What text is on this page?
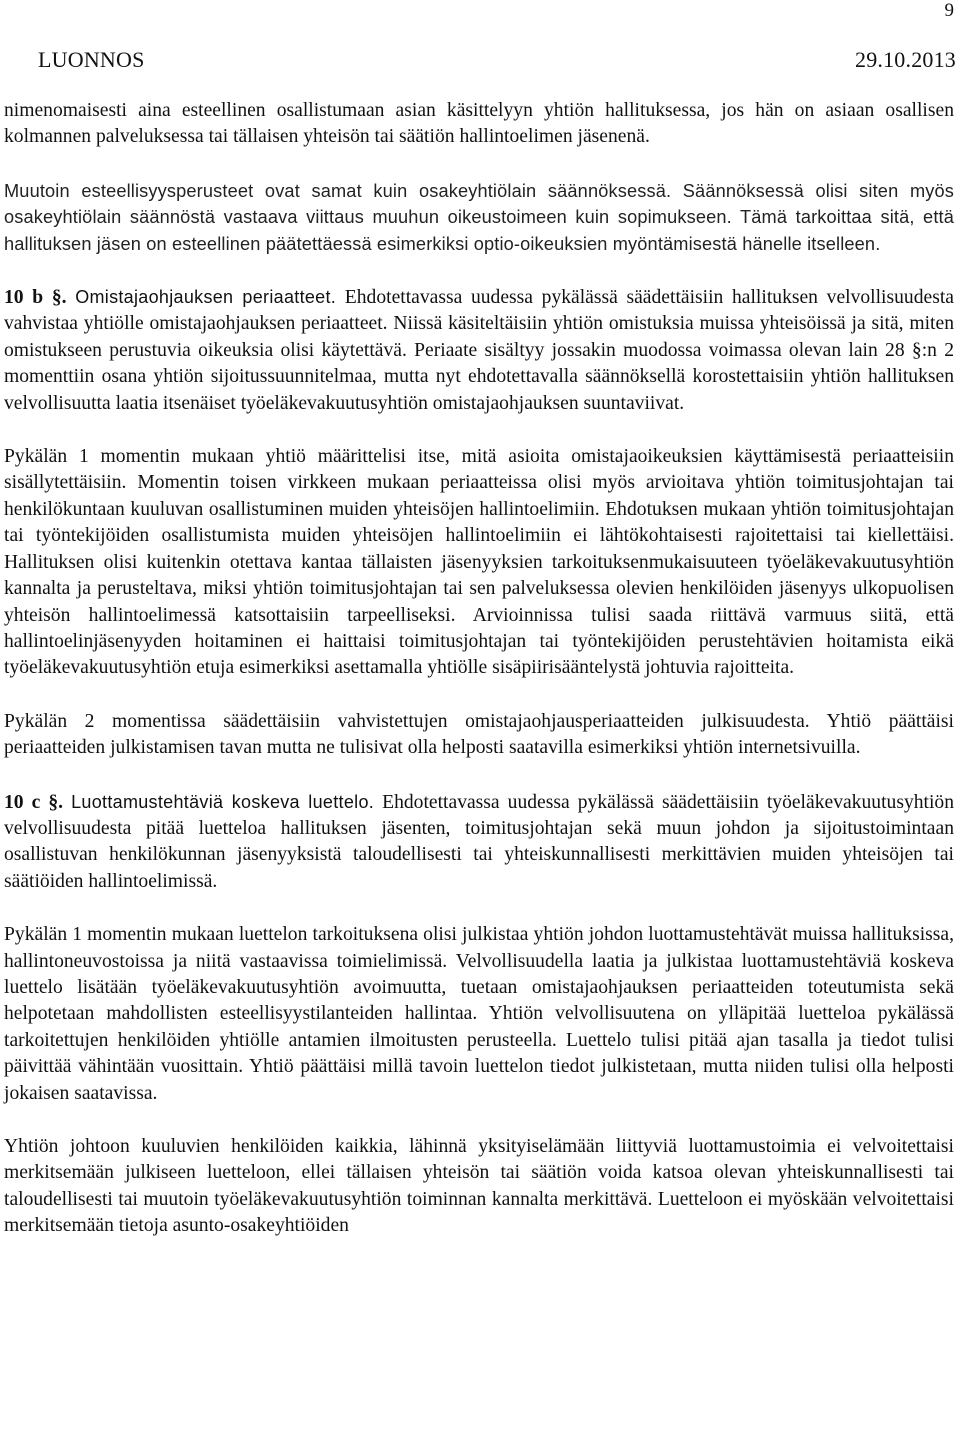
9
LUONNOS	29.10.2013

nimenomaisesti aina esteellinen osallistumaan asian käsittelyyn yhtiön hallituksessa, jos hän on asiaan osallisen kolmannen palveluksessa tai tällaisen yhteisön tai säätiön hallintoelimen jäsenenä.

Muutoin esteellisyysperusteet ovat samat kuin osakeyhtiölain säännöksessä. Säännöksessä olisi siten myös osakeyhtiölain säännöstä vastaava viittaus muuhun oikeustoimeen kuin sopimukseen. Tämä tarkoittaa sitä, että hallituksen jäsen on esteellinen päätettäessä esimerkiksi optio-oikeuksien myöntämisestä hänelle itselleen.

10 b §. Omistajaohjauksen periaatteet. Ehdotettavassa uudessa pykälässä säädettäisiin hallituksen velvollisuudesta vahvistaa yhtiölle omistajaohjauksen periaatteet. Niissä käsiteltäisiin yhtiön omistuksia muissa yhteisöissä ja sitä, miten omistukseen perustuvia oikeuksia olisi käytettävä. Periaate sisältyy jossakin muodossa voimassa olevan lain 28 §:n 2 momenttiin osana yhtiön sijoitussuunnitelmaa, mutta nyt ehdotettavalla säännöksellä korostettaisiin yhtiön hallituksen velvollisuutta laatia itsenäiset työeläkevakuutusyhtiön omistajaohjauksen suuntaviivat.

Pykälän 1 momentin mukaan yhtiö määrittelisi itse, mitä asioita omistajaoikeuksien käyttämisestä periaatteisiin sisällytettäisiin. Momentin toisen virkkeen mukaan periaatteissa olisi myös arvioitava yhtiön toimitusjohtajan tai henkilökuntaan kuuluvan osallistuminen muiden yhteisöjen hallintoelimiin. Ehdotuksen mukaan yhtiön toimitusjohtajan tai työntekijöiden osallistumista muiden yhteisöjen hallintoelimiin ei lähtökohtaisesti rajoitettaisi tai kiellettäisi. Hallituksen olisi kuitenkin otettava kantaa tällaisten jäsenyyksien tarkoituksenmukaisuuteen työeläkevakuutusyhtiön kannalta ja perusteltava, miksi yhtiön toimitusjohtajan tai sen palveluksessa olevien henkilöiden jäsenyys ulkopuolisen yhteisön hallintoelimessä katsottaisiin tarpeelliseksi. Arvioinnissa tulisi saada riittävä varmuus siitä, että hallintoelinjäsenyyden hoitaminen ei haittaisi toimitusjohtajan tai työntekijöiden perustehtävien hoitamista eikä työeläkevakuutusyhtiön etuja esimerkiksi asettamalla yhtiölle sisäpiirisääntelystä johtuvia rajoitteita.

Pykälän 2 momentissa säädettäisiin vahvistettujen omistajaohjausperiaatteiden julkisuudesta. Yhtiö päättäisi periaatteiden julkistamisen tavan mutta ne tulisivat olla helposti saatavilla esimerkiksi yhtiön internetsivuilla.

10 c §. Luottamustehtäviä koskeva luettelo. Ehdotettavassa uudessa pykälässä säädettäisiin työeläkevakuutusyhtiön velvollisuudesta pitää luetteloa hallituksen jäsenten, toimitusjohtajan sekä muun johdon ja sijoitustoimintaan osallistuvan henkilökunnan jäsenyyksistä taloudellisesti tai yhteiskunnallisesti merkittävien muiden yhteisöjen tai säätiöiden hallintoelimissä.

Pykälän 1 momentin mukaan luettelon tarkoituksena olisi julkistaa yhtiön johdon luottamustehtävät muissa hallituksissa, hallintoneuvostoissa ja niitä vastaavissa toimielimissä. Velvollisuudella laatia ja julkistaa luottamustehtäviä koskeva luettelo lisätään työeläkevakuutusyhtiön avoimuutta, tuetaan omistajaohjauksen periaatteiden toteutumista sekä helpotetaan mahdollisten esteellisyystilanteiden hallintaa. Yhtiön velvollisuutena on ylläpitää luetteloa pykälässä tarkoitettujen henkilöiden yhtiölle antamien ilmoitusten perusteella. Luettelo tulisi pitää ajan tasalla ja tiedot tulisi päivittää vähintään vuosittain. Yhtiö päättäisi millä tavoin luettelon tiedot julkistetaan, mutta niiden tulisi olla helposti jokaisen saatavissa.

Yhtiön johtoon kuuluvien henkilöiden kaikkia, lähinnä yksityiselämään liittyviä luottamustoimia ei velvoitettaisi merkitsemään julkiseen luetteloon, ellei tällaisen yhteisön tai säätiön voida katsoa olevan yhteiskunnallisesti tai taloudellisesti tai muutoin työeläkevakuutusyhtiön toiminnan kannalta merkittävä. Luetteloon ei myöskään velvoitettaisi merkitsemään tietoja asunto-osakeyhtiöiden
